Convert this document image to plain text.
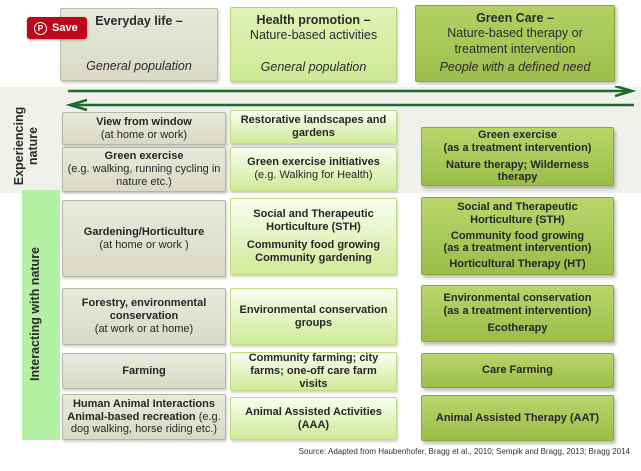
Experiencing nature
Interacting with nature
Everyday life –
General population
Health promotion –
Nature-based activities
General population
Green Care –
Nature-based therapy or treatment intervention
People with a defined need
P Save
Source: Adapted from Haubenhofer, Bragg et al., 2010; Sempik and Bragg, 2013; Bragg 2014
View from window
(at home or work)
Green exercise
(e.g. walking, running cycling in nature etc.)
Restorative landscapes and gardens
Green exercise initiatives
(e.g. Walking for Health)
Green exercise
(as a treatment intervention)
Nature therapy; Wilderness therapy
Gardening/Horticulture
(at home or work )
Forestry, environmental conservation
(at work or at home)
Farming
Human Animal Interactions
Animal-based recreation (e.g. dog walking, horse riding etc.)
Social and Therapeutic Horticulture (STH)
Community food growing
Community gardening
Environmental conservation groups
Community farming; city farms; one-off care farm visits
Animal Assisted Activities (AAA)
Social and Therapeutic Horticulture (STH)
Community food growing
(as a treatment intervention)
Horticultural Therapy (HT)
Environmental conservation
(as a treatment intervention)
Ecotherapy
Care Farming
Animal Assisted Therapy (AAT)
